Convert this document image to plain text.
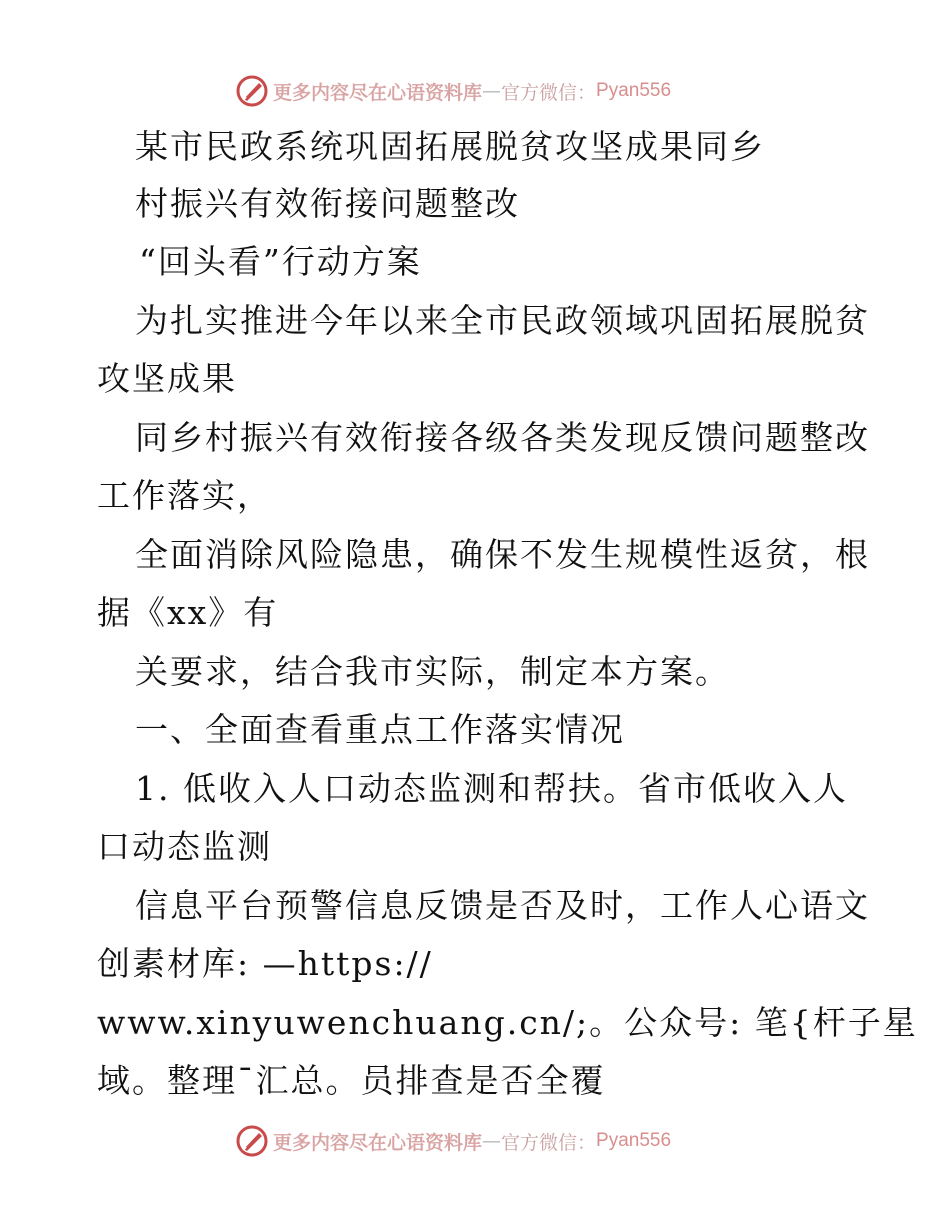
更多内容尽在心语资料库 — 官方微信： Pyan556
某市民政系统巩固拓展脱贫攻坚成果同乡
村振兴有效衔接问题整改
“回头看”行动方案
为扎实推进今年以来全市民政领域巩固拓展脱贫
攻坚成果
同乡村振兴有效衔接各级各类发现反馈问题整改
工作落实，
全面消除风险隐患，确保不发生规模性返贫，根
据《xx》有
关要求，结合我市实际，制定本方案。
一、全面查看重点工作落实情况
1. 低收入人口动态监测和帮扶。省市低收入人
口动态监测
信息平台预警信息反馈是否及时，工作人心语文
创素材库: —https://
www.xinyuwenchuang.cn/;。公众号: 笔{杆子星
域。整理¯汇总。员排查是否全覆
更多内容尽在心语资料库 — 官方微信： Pyan556
